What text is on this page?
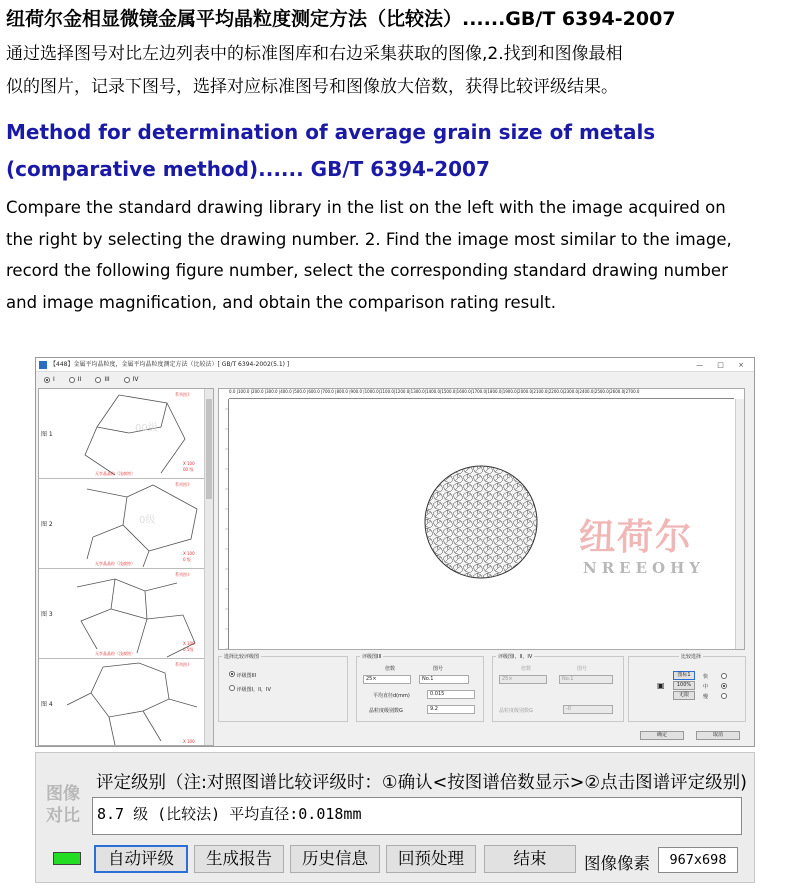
纽荷尔金相显微镜金属平均晶粒度测定方法（比较法）......GB/T 6394-2007
通过选择图号对比左边列表中的标准图库和右边采集获取的图像,2.找到和图像最相
似的图片，记录下图号，选择对应标准图号和图像放大倍数，获得比较评级结果。
Method for determination of average grain size of metals
(comparative method)...... GB/T 6394-2007
Compare the standard drawing library in the list on the left with the image acquired on
the right by selecting the drawing number. 2. Find the image most similar to the image,
record the following figure number, select the corresponding standard drawing number
and image magnification, and obtain the comparison rating result.
【448】金属平均晶粒度，金属平均晶粒度测定方法（比较法）[ GB/T 6394-2002(5.1) ]	— □ ×
I	II	III	IV
图 1
00级
系列图 I
无孪晶晶粒（浅腐蚀）
X 100
00 级
图 2	0级
系列图 I
无孪晶晶粒（浅腐蚀）
X 100
0 级
图 3
系列图 I
无孪晶晶粒（浅腐蚀）
X 100
0.5级
图 4
系列图 I
X 100
0.0 |100.0 |200.0 |300.0 |400.0 |500.0 |600.0 |700.0 |800.0 |900.0 |1000.0|1100.0|1200.0|1300.0|1400.0|1500.0|1600.0|1700.0|1800.0|1900.0|2000.0|2100.0|2200.0|2300.0|2400.0|2500.0|2600.0|2700.0
纽荷尔
NREEOHY
选择比较评级图
评级图III
评级图I，II，IV
评级图III
倍数	图号
25×	No.1
平均直径d(mm)	0.015
晶粒度级别数G	9.2
评级图I，II，IV
倍数	图号
25×	No.1
晶粒度级别数G	-0
比较选择
▣
图标1
100%
无限
快
中
慢
确定	取消
评定级别（注:对照图谱比较评级时：①确认<按图谱倍数显示>②点击图谱评定级别)
图像
对比	8.7 级 (比较法) 平均直径:0.018mm
自动评级	生成报告	历史信息	回预处理	结束	图像像素	967x698
